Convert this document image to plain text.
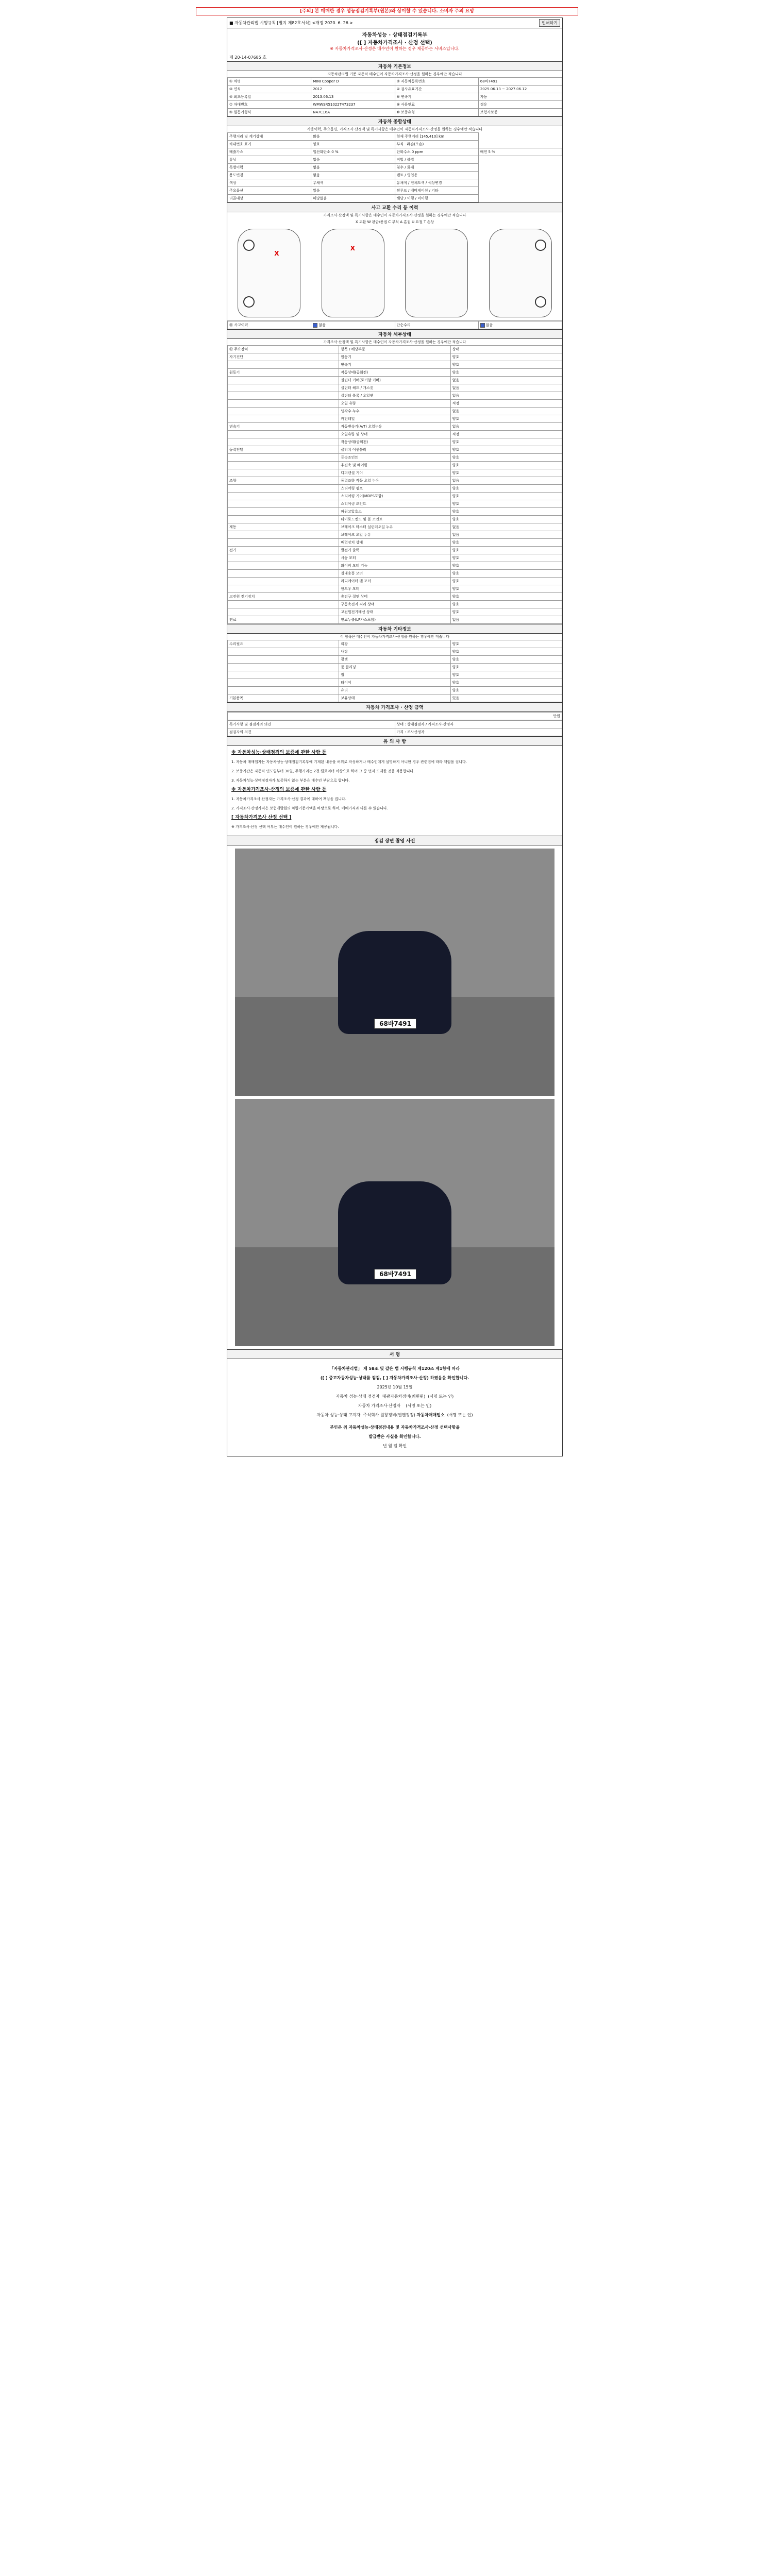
[주의] 본 매매한 경우 성능점검기록부(원본)와 상이할 수 있습니다. 소비자 주의 요망
■ 자동차관리법 시행규칙 [별지 제82호서식] <개정 2020. 6. 26.>	인쇄하기
자동차성능 · 상태점검기록부
([ ] 자동차가격조사 · 산정 선택)
※ 자동차가격조사·산정은 매수인이 원하는 경우 제공하는 서비스입니다.
제 20-14-07685 호
자동차 기본정보
자동차관리법 기준 자동차 매수인이 자동차가격조사·산정을 원하는 경우에만 적습니다
① 차명	MINI Cooper D	② 자동차등록번호	68바7491
③ 연식	2012	④ 검사유효기간	2025.06.13 ~ 2027.06.12
⑤ 최초등록일	2013.06.13	⑥ 변속기	자동
⑦ 차대번호	WMWSR51022T473237	⑧ 사용연료	경유
⑨ 원동기형식	N47C16A	⑩ 보증유형	보험사보증
자동차 종합상태
사용이력, 주요옵션, 가격조사·산정액 및 특기사항은 매수인이 자동차가격조사·산정을 원하는 경우에만 적습니다
주행거리 및 계기상태	많음	현재 주행거리 [145,410] km	
차대번호 표기	양호	부식 · 훼손(오손)	
배출가스	일산화탄소 0 %	탄화수소 0 ppm	매연 5 %
튜닝	없음	적법 / 불법	
특별이력	없음	침수 / 화재	
용도변경	없음	렌트 / 영업용	
색상	무채색	유채색 / 전체도색 / 색상변경	
주요옵션	있음	썬루프 / 네비게이션 / 기타	
리콜대상	해당없음	해당 / 이행 / 미이행	
사고 교환 수리 등 이력
가격조사·산정액 및 특기사항은 매수인이 자동차가격조사·산정을 원하는 경우에만 적습니다
X 교환 W 판금/용접 C 부식 A 흠집 U 요철 T 손상
X
X
⑪ 사고이력	없음	단순수리	없음
자동차 세부상태
가격조사·산정액 및 특기사항은 매수인이 자동차가격조사·산정을 원하는 경우에만 적습니다
⑫ 주요장치	항목 / 해당부품	상태
자기진단	원동기	양호
	변속기	양호
원동기	작동상태(공회전)	양호
	실린더 커버(로커암 커버)	없음
	실린더 헤드 / 개스킷	없음
	실린더 블록 / 오일팬	없음
	오일 유량	적정
	냉각수 누수	없음
	커먼레일	양호
변속기	자동변속기(A/T) 오일누유	없음
	오일유량 및 상태	적정
	작동상태(공회전)	양호
동력전달	클러치 어셈블리	양호
	등속조인트	양호
	추진축 및 베어링	양호
	디퍼렌셜 기어	양호
조향	동력조향 작동 오일 누유	없음
	스티어링 펌프	양호
	스티어링 기어(MDPS포함)	양호
	스티어링 조인트	양호
	파워고압호스	양호
	타이로드엔드 및 볼 조인트	양호
제동	브레이크 마스터 실린더오일 누유	없음
	브레이크 오일 누유	없음
	배력장치 상태	양호
전기	발전기 출력	양호
	시동 모터	양호
	와이퍼 모터 기능	양호
	실내송풍 모터	양호
	라디에이터 팬 모터	양호
	윈도우 모터	양호
고전원 전기장치	충전구 절연 상태	양호
	구동축전지 격리 상태	양호
	고전원전기배선 상태	양호
연료	연료누출(LP가스포함)	없음
자동차 기타정보
이 항목은 매수인이 자동차가격조사·산정을 원하는 경우에만 적습니다
수리필요	외장	양호
	내장	양호
	광택	양호
	룸 클리닝	양호
	휠	양호
	타이어	양호
	유리	양호
기본품목	보유상태	있음
자동차 가격조사 · 산정 금액
만원
특기사항 및 점검자의 의견	상태 : 상태점검자 / 가격조사·산정자
점검자의 의견	가격 : 조사산정자
유 의 사 항
※ 자동차성능·상태점검의 보증에 관한 사항 등

1. 자동차 매매업자는 자동차성능·상태점검기록부에 기재된 내용을 허위로 작성하거나 매수인에게 설명하지 아니한 경우 관련법에 따라 책임을 집니다.

2. 보증기간은 자동차 인도일부터 30일, 주행거리는 2천 킬로미터 이상으로 하며 그 중 먼저 도래한 것을 적용합니다.

3. 자동차성능·상태점검자가 보증하지 않는 부분은 매수인 부담으로 합니다.

※ 자동차가격조사·산정의 보증에 관한 사항 등

1. 자동차가격조사·산정자는 가격조사·산정 결과에 대하여 책임을 집니다.

2. 가격조사·산정가격은 보험개발원의 차량기준가액을 바탕으로 하며, 매매가격과 다를 수 있습니다.

[ 자동차가격조사 산정 선택 ]

※ 가격조사·산정 선택 여부는 매수인이 원하는 경우에만 제공됩니다.

점검 장면 촬영 사진
68바7491
68바7491
서 명
「자동차관리법」 제 58조 및 같은 법 시행규칙 제120조 제1항에 따라
([ ] 중고자동차성능·상태를 점검, [ ] 자동차가격조사·산정) 하였음을 확인합니다.
2025년 10월 15일
자동차 성능·상태 점검자 대광자동차정비(최원원) (서명 또는 인)
자동차 가격조사·산정자 (서명 또는 인)
자동차 성능·상태 고지자 주식회사 원창정비(엔펜정정) 자동차매매업소 (서명 또는 인)
본인은 위 자동차성능·상태점검내용 및 자동차가격조사·산정 선택사항을
발급받은 사실을 확인합니다.
년 월 일 확인
